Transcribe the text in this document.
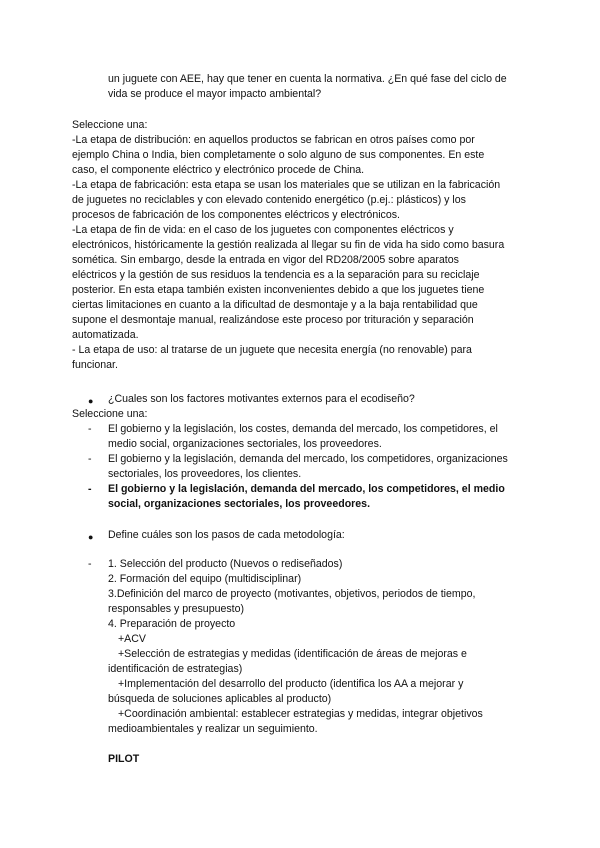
un juguete con AEE, hay que tener en cuenta la normativa. ¿En qué fase del ciclo de
vida se produce el mayor impacto ambiental?
Seleccione una:
-La etapa de distribución: en aquellos productos se fabrican en otros países como por
ejemplo China o India, bien completamente o solo alguno de sus componentes. En este
caso, el componente eléctrico y electrónico procede de China.
-La etapa de fabricación: esta etapa se usan los materiales que se utilizan en la fabricación
de juguetes no reciclables y con elevado contenido energético (p.ej.: plásticos) y los
procesos de fabricación de los componentes eléctricos y electrónicos.
-La etapa de fin de vida: en el caso de los juguetes con componentes eléctricos y
electrónicos, históricamente la gestión realizada al llegar su fin de vida ha sido como basura
somética. Sin embargo, desde la entrada en vigor del RD208/2005 sobre aparatos
eléctricos y la gestión de sus residuos la tendencia es a la separación para su reciclaje
posterior. En esta etapa también existen inconvenientes debido a que los juguetes tiene
ciertas limitaciones en cuanto a la dificultad de desmontaje y a la baja rentabilidad que
supone el desmontaje manual, realizándose este proceso por trituración y separación
automatizada.
- La etapa de uso: al tratarse de un juguete que necesita energía (no renovable) para
funcionar.
● ¿Cuales son los factores motivantes externos para el ecodiseño?
Seleccione una:
- El gobierno y la legislación, los costes, demanda del mercado, los competidores, el
medio social, organizaciones sectoriales, los proveedores.
- El gobierno y la legislación, demanda del mercado, los competidores, organizaciones
sectoriales, los proveedores, los clientes.
- El gobierno y la legislación, demanda del mercado, los competidores, el medio
social, organizaciones sectoriales, los proveedores.
● Define cuáles son los pasos de cada metodología:
- 1. Selección del producto (Nuevos o rediseñados)
2. Formación del equipo (multidisciplinar)
3.Definición del marco de proyecto (motivantes, objetivos, periodos de tiempo,
responsables y presupuesto)
4. Preparación de proyecto
+ACV
+Selección de estrategias y medidas (identificación de áreas de mejoras e
identificación de estrategias)
+Implementación del desarrollo del producto (identifica los AA a mejorar y
búsqueda de soluciones aplicables al producto)
+Coordinación ambiental: establecer estrategias y medidas, integrar objetivos
medioambientales y realizar un seguimiento.
PILOT
